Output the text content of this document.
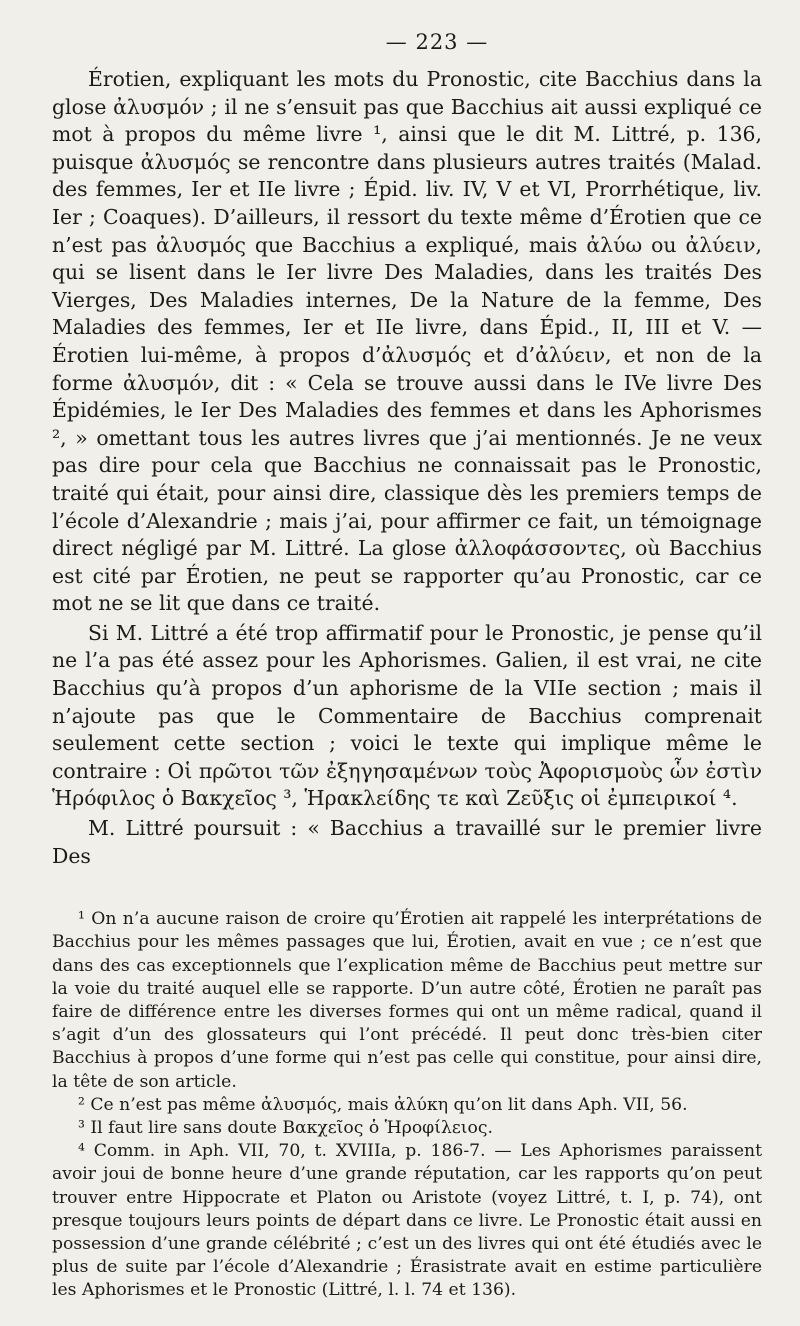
— 223 —

Érotien, expliquant les mots du Pronostic, cite Bacchius dans la glose ἀλυσμόν ; il ne s’ensuit pas que Bacchius ait aussi expliqué ce mot à propos du même livre ¹, ainsi que le dit M. Littré, p. 136, puisque ἀλυσμός se rencontre dans plusieurs autres traités (Malad. des femmes, Ier et IIe livre ; Épid. liv. IV, V et VI, Prorrhétique, liv. Ier ; Coaques). D’ailleurs, il ressort du texte même d’Érotien que ce n’est pas ἀλυσμός que Bacchius a expliqué, mais ἀλύω ou ἀλύειν, qui se lisent dans le Ier livre Des Maladies, dans les traités Des Vierges, Des Maladies internes, De la Nature de la femme, Des Maladies des femmes, Ier et IIe livre, dans Épid., II, III et V. — Érotien lui-même, à propos d’ἀλυσμός et d’ἀλύειν, et non de la forme ἀλυσμόν, dit : « Cela se trouve aussi dans le IVe livre Des Épidémies, le Ier Des Maladies des femmes et dans les Aphorismes ², » omettant tous les autres livres que j’ai mentionnés. Je ne veux pas dire pour cela que Bacchius ne connaissait pas le Pronostic, traité qui était, pour ainsi dire, classique dès les premiers temps de l’école d’Alexandrie ; mais j’ai, pour affirmer ce fait, un témoignage direct négligé par M. Littré. La glose ἀλλοφάσσοντες, où Bacchius est cité par Érotien, ne peut se rapporter qu’au Pronostic, car ce mot ne se lit que dans ce traité.

Si M. Littré a été trop affirmatif pour le Pronostic, je pense qu’il ne l’a pas été assez pour les Aphorismes. Galien, il est vrai, ne cite Bacchius qu’à propos d’un aphorisme de la VIIe section ; mais il n’ajoute pas que le Commentaire de Bacchius comprenait seulement cette section ; voici le texte qui implique même le contraire : Οἱ πρῶτοι τῶν ἐξηγησαμένων τοὺς Ἀφορισμοὺς ὧν ἐστὶν Ἡρόφιλος ὁ Βακχεῖος ³, Ἡρακλείδης τε καὶ Ζεῦξις οἱ ἐμπειρικοί ⁴.

M. Littré poursuit : « Bacchius a travaillé sur le premier livre Des

¹ On n’a aucune raison de croire qu’Érotien ait rappelé les interprétations de Bacchius pour les mêmes passages que lui, Érotien, avait en vue ; ce n’est que dans des cas exceptionnels que l’explication même de Bacchius peut mettre sur la voie du traité auquel elle se rapporte. D’un autre côté, Érotien ne paraît pas faire de différence entre les diverses formes qui ont un même radical, quand il s’agit d’un des glossateurs qui l’ont précédé. Il peut donc très-bien citer Bacchius à propos d’une forme qui n’est pas celle qui constitue, pour ainsi dire, la tête de son article.

² Ce n’est pas même ἀλυσμός, mais ἀλύκη qu’on lit dans Aph. VII, 56.

³ Il faut lire sans doute Βακχεῖος ὁ Ἡροφίλειος.

⁴ Comm. in Aph. VII, 70, t. XVIIIa, p. 186-7. — Les Aphorismes paraissent avoir joui de bonne heure d’une grande réputation, car les rapports qu’on peut trouver entre Hippocrate et Platon ou Aristote (voyez Littré, t. I, p. 74), ont presque toujours leurs points de départ dans ce livre. Le Pronostic était aussi en possession d’une grande célébrité ; c’est un des livres qui ont été étudiés avec le plus de suite par l’école d’Alexandrie ; Érasistrate avait en estime particulière les Aphorismes et le Pronostic (Littré, l. l. 74 et 136).
